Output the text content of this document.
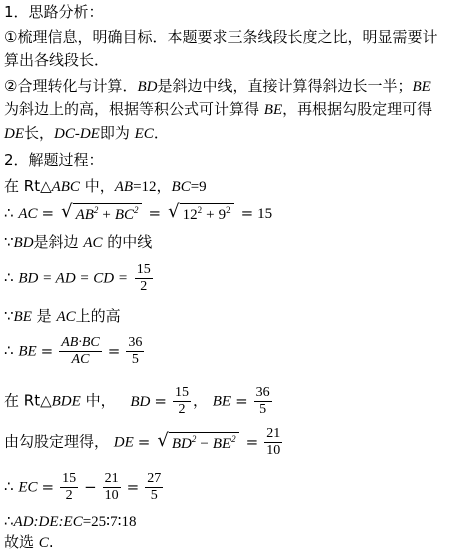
1．思路分析：
①梳理信息，明确目标．本题要求三条线段长度之比，明显需要计
算出各线段长．
②合理转化与计算．BD是斜边中线，直接计算得斜边长一半；BE
为斜边上的高，根据等积公式可计算得 BE，再根据勾股定理可得
DE长，DC-DE即为 EC．
2．解题过程：
在 Rt△ABC 中，AB=12，BC=9
∴ AC = √ $AB^2 + BC^2$ = √ $12^2 + 9^2 = 15$
∵BD是斜边 AC 的中线
∴ BD = AD = CD = $\frac{15}{2}$
∵BE 是 AC上的高
∴ BE = $\frac{AB\cdot BC}{AC} = \frac{36}{5}$
在 Rt△BDE 中， BD = $\frac{15}{2}$ ， BE = $\frac{36}{5}$
由勾股定理得， DE = √ $BD^2 - BE^2 = \frac{21}{10}$
∴ EC = $\frac{15}{2} - \frac{21}{10} = \frac{27}{5}$
∴AD:DE:EC=25∶7∶18
故选 C.
